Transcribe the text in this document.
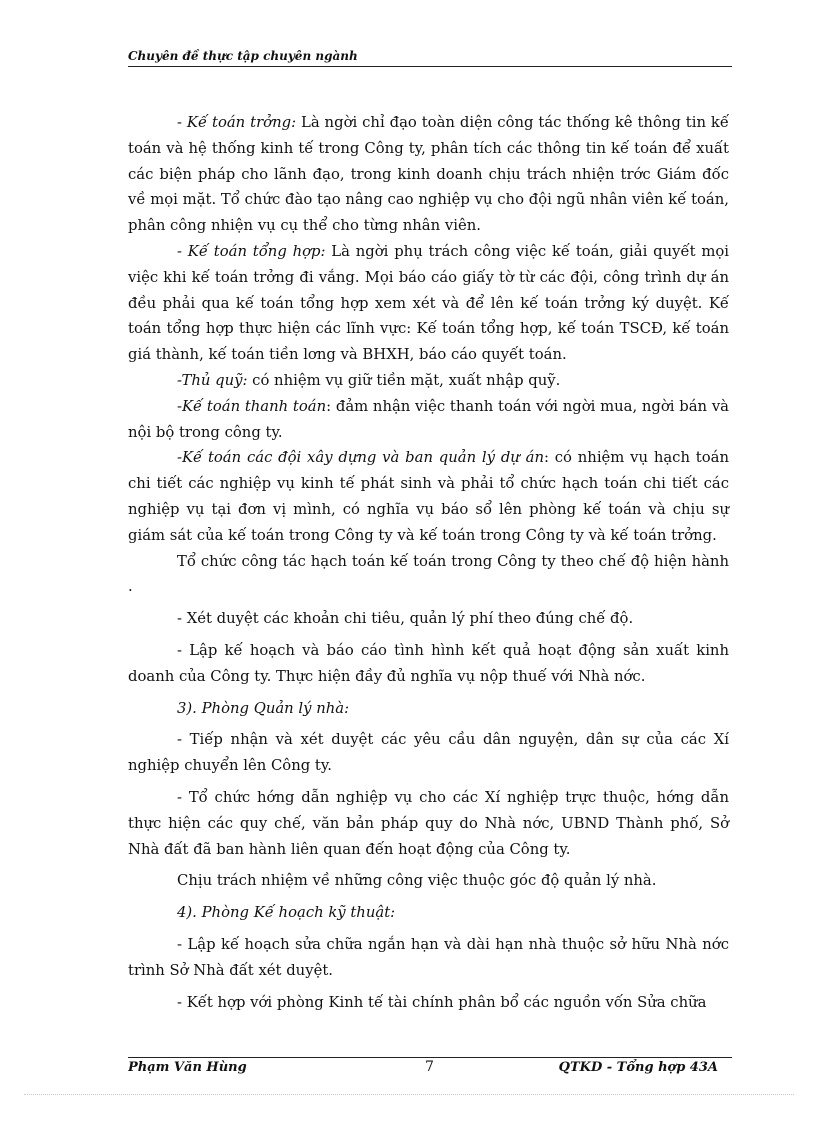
Chuyên đề thực tập chuyên ngành

- Kế toán trởng: Là ngời chỉ đạo toàn diện công tác thống kê thông tin kế toán và hệ thống kinh tế trong Công ty, phân tích các thông tin kế toán để xuất các biện pháp cho lãnh đạo, trong kinh doanh chịu trách nhiện trớc Giám đốc về mọi mặt. Tổ chức đào tạo nâng cao nghiệp vụ cho đội ngũ nhân viên kế toán, phân công nhiện vụ cụ thể cho từng nhân viên.

- Kế toán tổng hợp: Là ngời phụ trách công việc kế toán, giải quyết mọi việc khi kế toán trởng đi vắng. Mọi báo cáo giấy tờ từ các đội, công trình dự án đều phải qua kế toán tổng hợp xem xét và để lên kế toán trởng ký duyệt. Kế toán tổng hợp thực hiện các lĩnh vực: Kế toán tổng hợp, kế toán TSCĐ, kế toán giá thành, kế toán tiền lơng và BHXH, báo cáo quyết toán.

-Thủ quỹ: có nhiệm vụ giữ tiền mặt, xuất nhập quỹ.

-Kế toán thanh toán: đảm nhận việc thanh toán với ngời mua, ngời bán và nội bộ trong công ty.

-Kế toán các đội xây dựng và ban quản lý dự án: có nhiệm vụ hạch toán chi tiết các nghiệp vụ kinh tế phát sinh và phải tổ chức hạch toán chi tiết các nghiệp vụ tại đơn vị mình, có nghĩa vụ báo sổ lên phòng kế toán và chịu sự giám sát của kế toán trong Công ty và kế toán trong Công ty và kế toán trởng.

Tổ chức công tác hạch toán kế toán trong Công ty theo chế độ hiện hành .

- Xét duyệt các khoản chi tiêu, quản lý phí theo đúng chế độ.

- Lập kế hoạch và báo cáo tình hình kết quả hoạt động sản xuất kinh doanh của Công ty. Thực hiện đầy đủ nghĩa vụ nộp thuế với Nhà nớc.

3). Phòng Quản lý nhà:

- Tiếp nhận và xét duyệt các yêu cầu dân nguyện, dân sự của các Xí nghiệp chuyển lên Công ty.

- Tổ chức hớng dẫn nghiệp vụ cho các Xí nghiệp trực thuộc, hớng dẫn thực hiện các quy chế, văn bản pháp quy do Nhà nớc, UBND Thành phố, Sở Nhà đất đã ban hành liên quan đến hoạt động của Công ty.

Chịu trách nhiệm về những công việc thuộc góc độ quản lý nhà.

4). Phòng Kế hoạch kỹ thuật:

- Lập kế hoạch sửa chữa ngắn hạn và dài hạn nhà thuộc sở hữu Nhà nớc trình Sở Nhà đất xét duyệt.

- Kết hợp với phòng Kinh tế tài chính phân bổ các nguồn vốn Sửa chữa

Phạm Văn Hùng	7	QTKD - Tổng hợp 43A
